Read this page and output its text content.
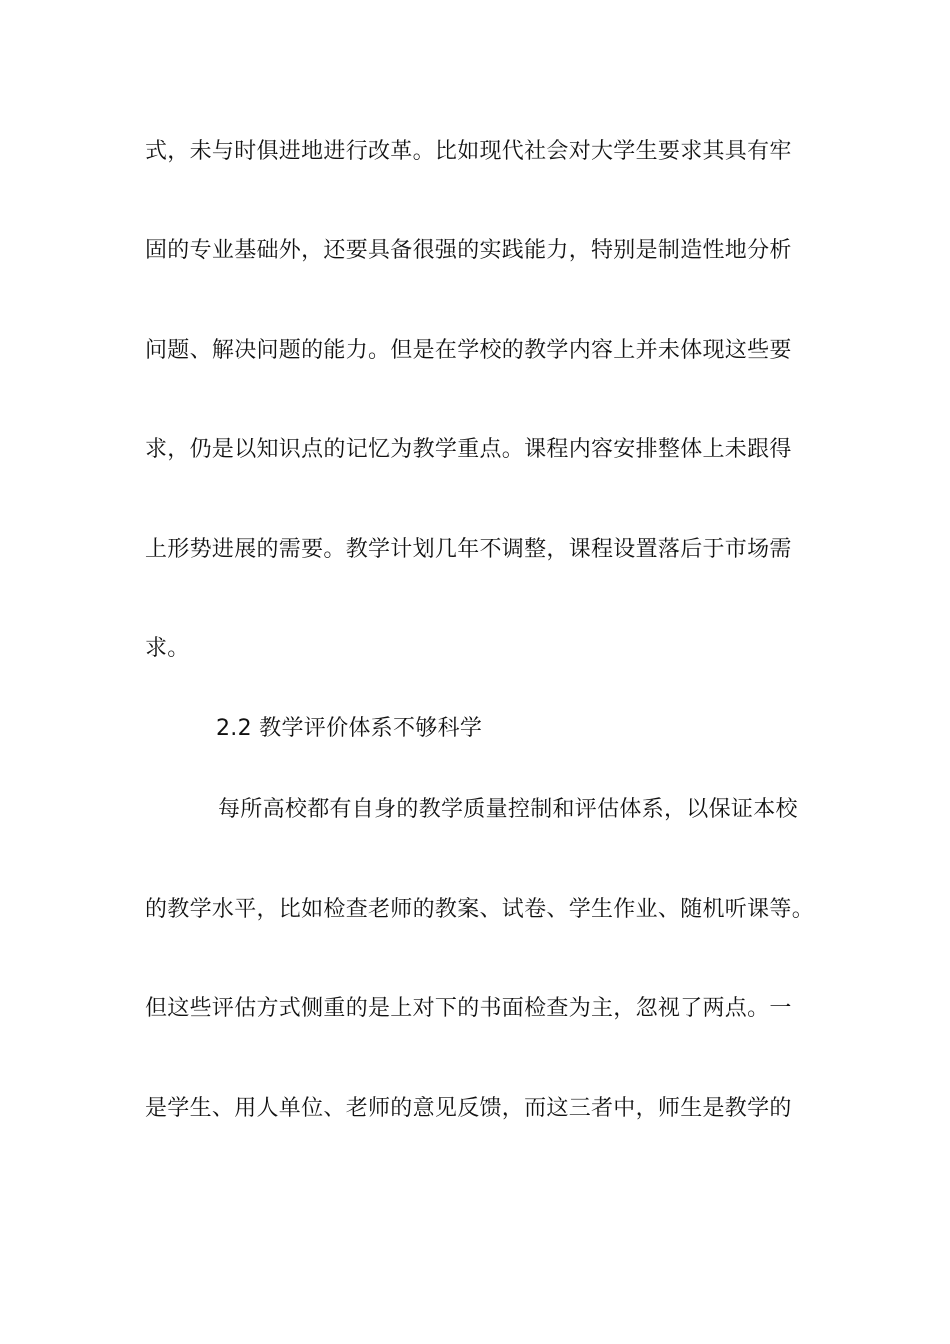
式，未与时俱进地进行改革。比如现代社会对大学生要求其具有牢
固的专业基础外，还要具备很强的实践能力，特别是制造性地分析
问题、解决问题的能力。但是在学校的教学内容上并未体现这些要
求，仍是以知识点的记忆为教学重点。课程内容安排整体上未跟得
上形势进展的需要。教学计划几年不调整，课程设置落后于市场需
求。
2.2 教学评价体系不够科学
每所高校都有自身的教学质量控制和评估体系，以保证本校
的教学水平，比如检查老师的教案、试卷、学生作业、随机听课等。
但这些评估方式侧重的是上对下的书面检查为主，忽视了两点。一
是学生、用人单位、老师的意见反馈，而这三者中，师生是教学的
